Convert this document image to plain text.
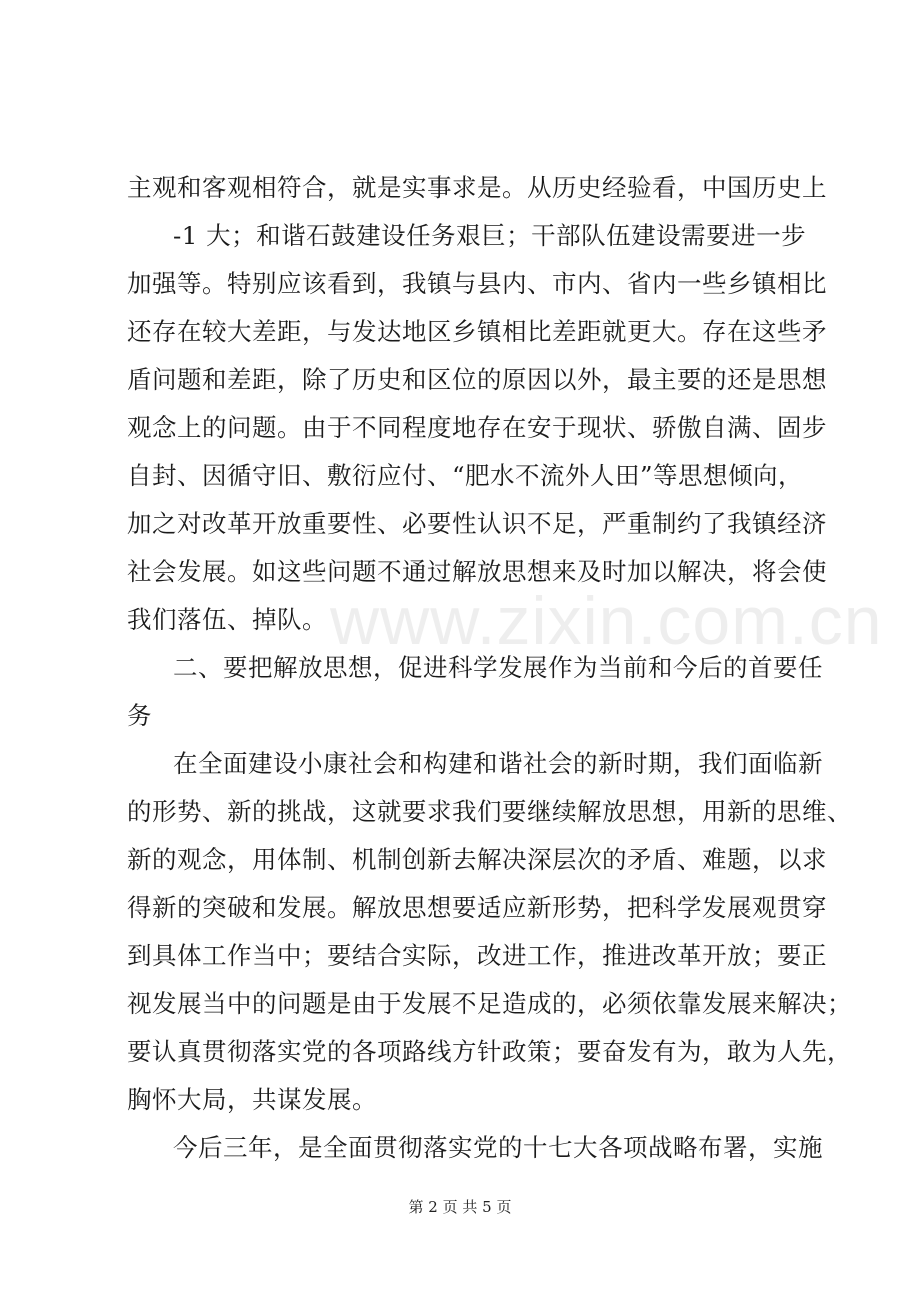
主观和客观相符合，就是实事求是。从历史经验看，中国历史上
-1 大；和谐石鼓建设任务艰巨；干部队伍建设需要进一步
加强等。特别应该看到，我镇与县内、市内、省内一些乡镇相比
还存在较大差距，与发达地区乡镇相比差距就更大。存在这些矛
盾问题和差距，除了历史和区位的原因以外，最主要的还是思想
观念上的问题。由于不同程度地存在安于现状、骄傲自满、固步
自封、因循守旧、敷衍应付、“肥水不流外人田”等思想倾向，
加之对改革开放重要性、必要性认识不足，严重制约了我镇经济
社会发展。如这些问题不通过解放思想来及时加以解决，将会使
我们落伍、掉队。
二、要把解放思想，促进科学发展作为当前和今后的首要任
务
在全面建设小康社会和构建和谐社会的新时期，我们面临新
的形势、新的挑战，这就要求我们要继续解放思想，用新的思维、
新的观念，用体制、机制创新去解决深层次的矛盾、难题，以求
得新的突破和发展。解放思想要适应新形势，把科学发展观贯穿
到具体工作当中；要结合实际，改进工作，推进改革开放；要正
视发展当中的问题是由于发展不足造成的，必须依靠发展来解决；
要认真贯彻落实党的各项路线方针政策；要奋发有为，敢为人先，
胸怀大局，共谋发展。
今后三年，是全面贯彻落实党的十七大各项战略布署，实施
www.zixin.com.cn
第 2 页 共 5 页
